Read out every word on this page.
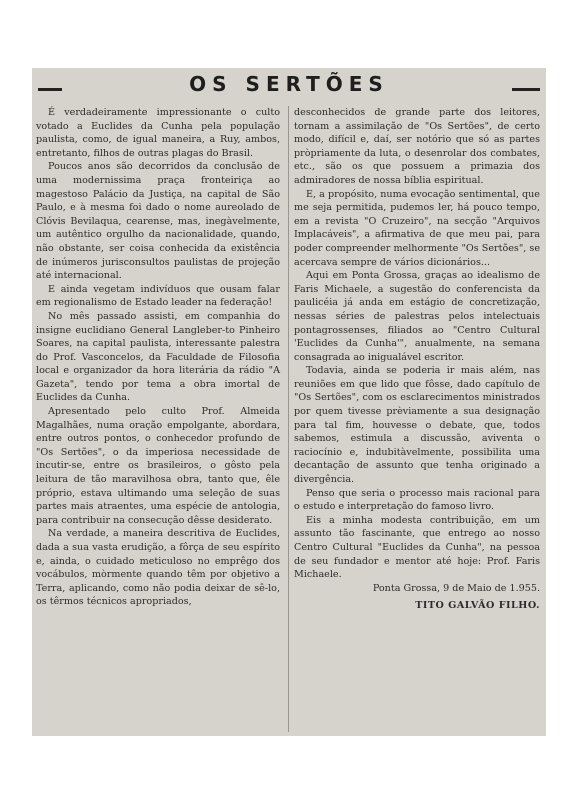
OS SERTÕES

É verdadeiramente impressionante o culto votado a Euclides da Cunha pela população paulista, como, de igual maneira, a Ruy, ambos, entretanto, filhos de outras plagas do Brasil.

Poucos anos são decorridos da conclusão de uma modernissima praça fronteiriça ao magestoso Palácio da Justiça, na capital de São Paulo, e à mesma foi dado o nome aureolado de Clóvis Bevilaqua, cearense, mas, inegàvelmente, um autêntico orgulho da nacionalidade, quando, não obstante, ser coisa conhecida da existência de inúmeros jurisconsultos paulistas de projeção até internacional.

E ainda vegetam indivíduos que ousam falar em regionalismo de Estado leader na federação!

No mês passado assisti, em companhia do insigne euclidiano General Langleber-to Pinheiro Soares, na capital paulista, interessante palestra do Prof. Vasconcelos, da Faculdade de Filosofia local e organizador da hora literária da rádio "A Gazeta", tendo por tema a obra imortal de Euclides da Cunha.

Apresentado pelo culto Prof. Almeida Magalhães, numa oração empolgante, abordara, entre outros pontos, o conhecedor profundo de "Os Sertões", o da imperiosa necessidade de incutir-se, entre os brasileiros, o gôsto pela leitura de tão maravilhosa obra, tanto que, êle próprio, estava ultimando uma seleção de suas partes mais atraentes, uma espécie de antologia, para contribuir na consecução dêsse desiderato.

Na verdade, a maneira descritiva de Euclides, dada a sua vasta erudição, a fôrça de seu espírito e, ainda, o cuidado meticuloso no emprêgo dos vocábulos, mòrmente quando têm por objetivo a Terra, aplicando, como não podia deixar de sê-lo, os têrmos técnicos apropriados,

desconhecidos de grande parte dos leitores, tornam a assimilação de "Os Sertões", de certo modo, difícil e, daí, ser notório que só as partes pròpriamente da luta, o desenrolar dos combates, etc., são os que possuem a primazia dos admiradores de nossa bíblia espiritual.

E, a propósito, numa evocação sentimental, que me seja permitida, pudemos ler, há pouco tempo, em a revista "O Cruzeiro", na secção "Arquivos Implacáveis", a afirmativa de que meu pai, para poder compreender melhormente "Os Sertões", se acercava sempre de vários dicionários...

Aqui em Ponta Grossa, graças ao idealismo de Faris Michaele, a sugestão do conferencista da paulicéia já anda em estágio de concretização, nessas séries de palestras pelos intelectuais pontagrossenses, filiados ao "Centro Cultural 'Euclides da Cunha'", anualmente, na semana consagrada ao inigualável escritor.

Todavia, ainda se poderia ir mais além, nas reuniões em que lido que fôsse, dado capítulo de "Os Sertões", com os esclarecimentos ministrados por quem tivesse prèviamente a sua designação para tal fim, houvesse o debate, que, todos sabemos, estimula a discussão, aviventa o raciocínio e, indubitàvelmente, possibilita uma decantação de assunto que tenha originado a divergência.

Penso que seria o processo mais racional para o estudo e interpretação do famoso livro.

Eis a minha modesta contribuição, em um assunto tão fascinante, que entrego ao nosso Centro Cultural "Euclides da Cunha", na pessoa de seu fundador e mentor até hoje: Prof. Faris Michaele.

Ponta Grossa, 9 de Maio de 1.955.

TITO GALVÃO FILHO.
